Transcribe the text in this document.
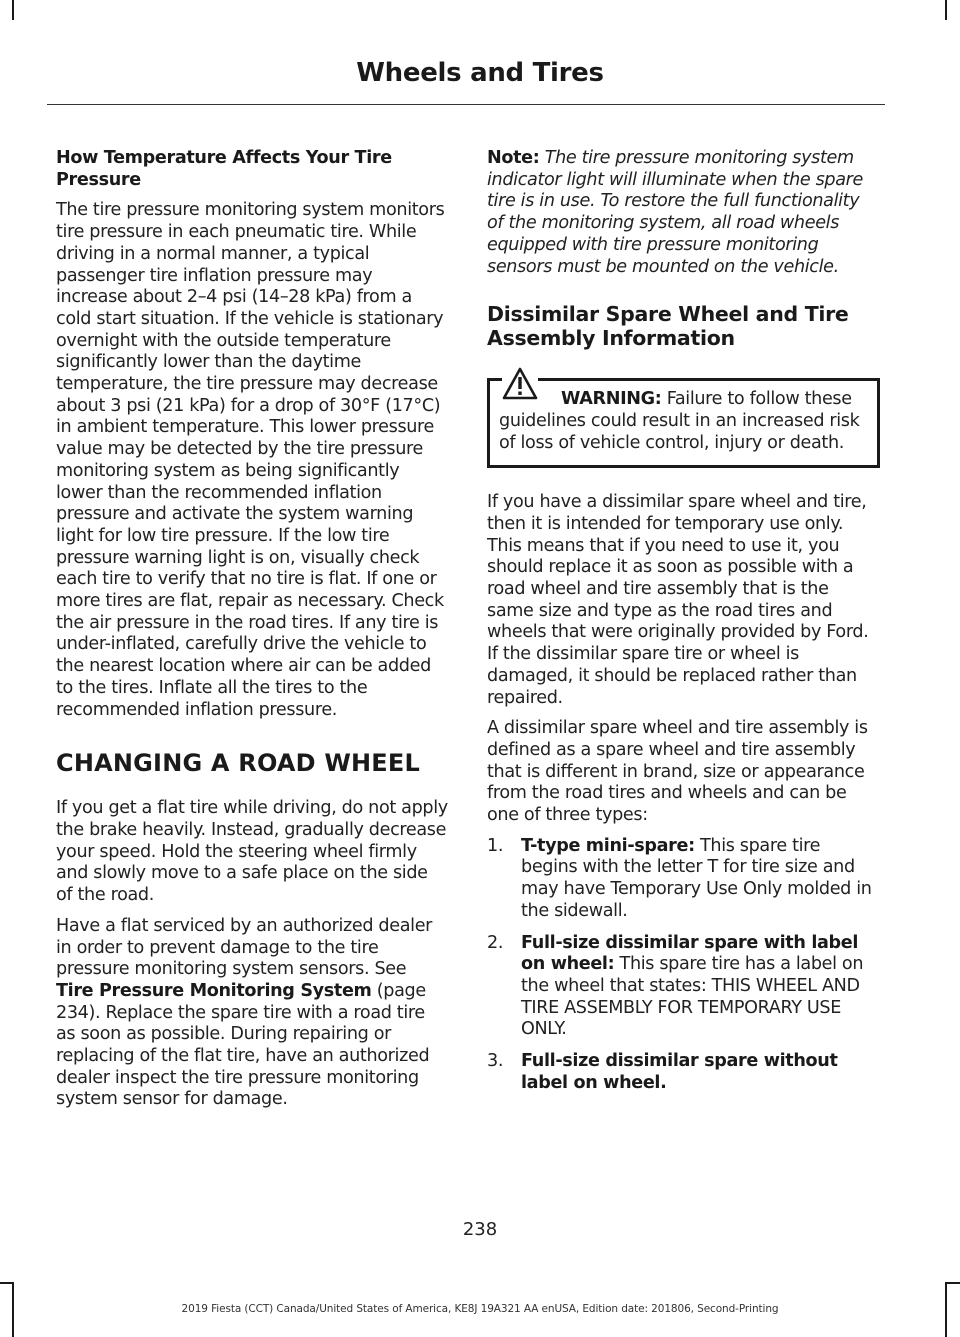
Wheels and Tires
How Temperature Affects Your Tire Pressure

The tire pressure monitoring system monitors tire pressure in each pneumatic tire. While driving in a normal manner, a typical passenger tire inflation pressure may increase about 2–4 psi (14–28 kPa) from a cold start situation. If the vehicle is stationary overnight with the outside temperature significantly lower than the daytime temperature, the tire pressure may decrease about 3 psi (21 kPa) for a drop of 30°F (17°C) in ambient temperature. This lower pressure value may be detected by the tire pressure monitoring system as being significantly lower than the recommended inflation pressure and activate the system warning light for low tire pressure. If the low tire pressure warning light is on, visually check each tire to verify that no tire is flat. If one or more tires are flat, repair as necessary. Check the air pressure in the road tires. If any tire is under-inflated, carefully drive the vehicle to the nearest location where air can be added to the tires. Inflate all the tires to the recommended inflation pressure.

CHANGING A ROAD WHEEL

If you get a flat tire while driving, do not apply the brake heavily. Instead, gradually decrease your speed. Hold the steering wheel firmly and slowly move to a safe place on the side of the road.

Have a flat serviced by an authorized dealer in order to prevent damage to the tire pressure monitoring system sensors. See Tire Pressure Monitoring System (page 234). Replace the spare tire with a road tire as soon as possible. During repairing or replacing of the flat tire, have an authorized dealer inspect the tire pressure monitoring system sensor for damage.

Note: The tire pressure monitoring system indicator light will illuminate when the spare tire is in use. To restore the full functionality of the monitoring system, all road wheels equipped with tire pressure monitoring sensors must be mounted on the vehicle.

Dissimilar Spare Wheel and Tire Assembly Information
WARNING: Failure to follow these guidelines could result in an increased risk of loss of vehicle control, injury or death.

If you have a dissimilar spare wheel and tire, then it is intended for temporary use only. This means that if you need to use it, you should replace it as soon as possible with a road wheel and tire assembly that is the same size and type as the road tires and wheels that were originally provided by Ford. If the dissimilar spare tire or wheel is damaged, it should be replaced rather than repaired.

A dissimilar spare wheel and tire assembly is defined as a spare wheel and tire assembly that is different in brand, size or appearance from the road tires and wheels and can be one of three types:

1. T-type mini-spare: This spare tire begins with the letter T for tire size and may have Temporary Use Only molded in the sidewall.
2. Full-size dissimilar spare with label on wheel: This spare tire has a label on the wheel that states: THIS WHEEL AND TIRE ASSEMBLY FOR TEMPORARY USE ONLY.
3. Full-size dissimilar spare without label on wheel.
238
2019 Fiesta (CCT) Canada/United States of America, KE8J 19A321 AA enUSA, Edition date: 201806, Second-Printing
